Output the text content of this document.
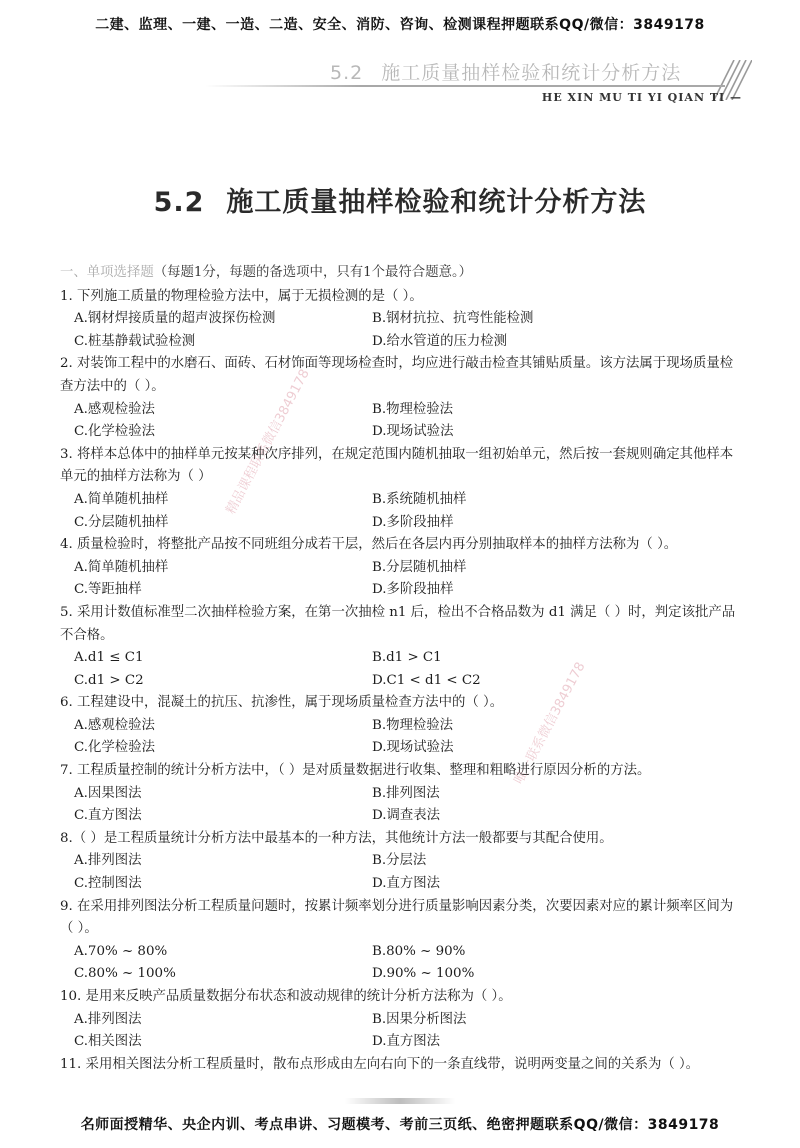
二建、监理、一建、一造、二造、安全、消防、咨询、检测课程押题联系QQ/微信：3849178
5.2 施工质量抽样检验和统计分析方法
HE XIN MU TI YI QIAN TI —
5.2 施工质量抽样检验和统计分析方法
一、单项选择题（每题1分，每题的备选项中，只有1个最符合题意。）

1. 下列施工质量的物理检验方法中，属于无损检测的是（ ）。

A.钢材焊接质量的超声波探伤检测	B.钢材抗拉、抗弯性能检测
C.桩基静载试验检测	D.给水管道的压力检测

2. 对装饰工程中的水磨石、面砖、石材饰面等现场检查时，均应进行敲击检查其铺贴质量。该方法属于现场质量检查方法中的（ ）。

A.感观检验法	B.物理检验法
C.化学检验法	D.现场试验法

3. 将样本总体中的抽样单元按某种次序排列，在规定范围内随机抽取一组初始单元，然后按一套规则确定其他样本单元的抽样方法称为（ ）

A.简单随机抽样	B.系统随机抽样
C.分层随机抽样	D.多阶段抽样

4. 质量检验时，将整批产品按不同班组分成若干层，然后在各层内再分别抽取样本的抽样方法称为（ ）。

A.简单随机抽样	B.分层随机抽样
C.等距抽样	D.多阶段抽样

5. 采用计数值标准型二次抽样检验方案，在第一次抽检 n1 后，检出不合格品数为 d1 满足（ ）时，判定该批产品不合格。

A.d1 ≤ C1	B.d1 > C1
C.d1 > C2	D.C1 < d1 < C2

6. 工程建设中，混凝土的抗压、抗渗性，属于现场质量检查方法中的（ ）。

A.感观检验法	B.物理检验法
C.化学检验法	D.现场试验法

7. 工程质量控制的统计分析方法中，（ ）是对质量数据进行收集、整理和粗略进行原因分析的方法。

A.因果图法	B.排列图法
C.直方图法	D.调查表法

8.（ ）是工程质量统计分析方法中最基本的一种方法，其他统计方法一般都要与其配合使用。

A.排列图法	B.分层法
C.控制图法	D.直方图法

9. 在采用排列图法分析工程质量问题时，按累计频率划分进行质量影响因素分类，次要因素对应的累计频率区间为（ ）。

A.70% ~ 80%	B.80% ~ 90%
C.80% ~ 100%	D.90% ~ 100%

10. 是用来反映产品质量数据分布状态和波动规律的统计分析方法称为（ ）。

A.排列图法	B.因果分析图法
C.相关图法	D.直方图法

11. 采用相关图法分析工程质量时，散布点形成由左向右向下的一条直线带，说明两变量之间的关系为（ ）。

精品课程联系微信3849178
唯一联系微信3849178
名师面授精华、央企内训、考点串讲、习题模考、考前三页纸、绝密押题联系QQ/微信：3849178
